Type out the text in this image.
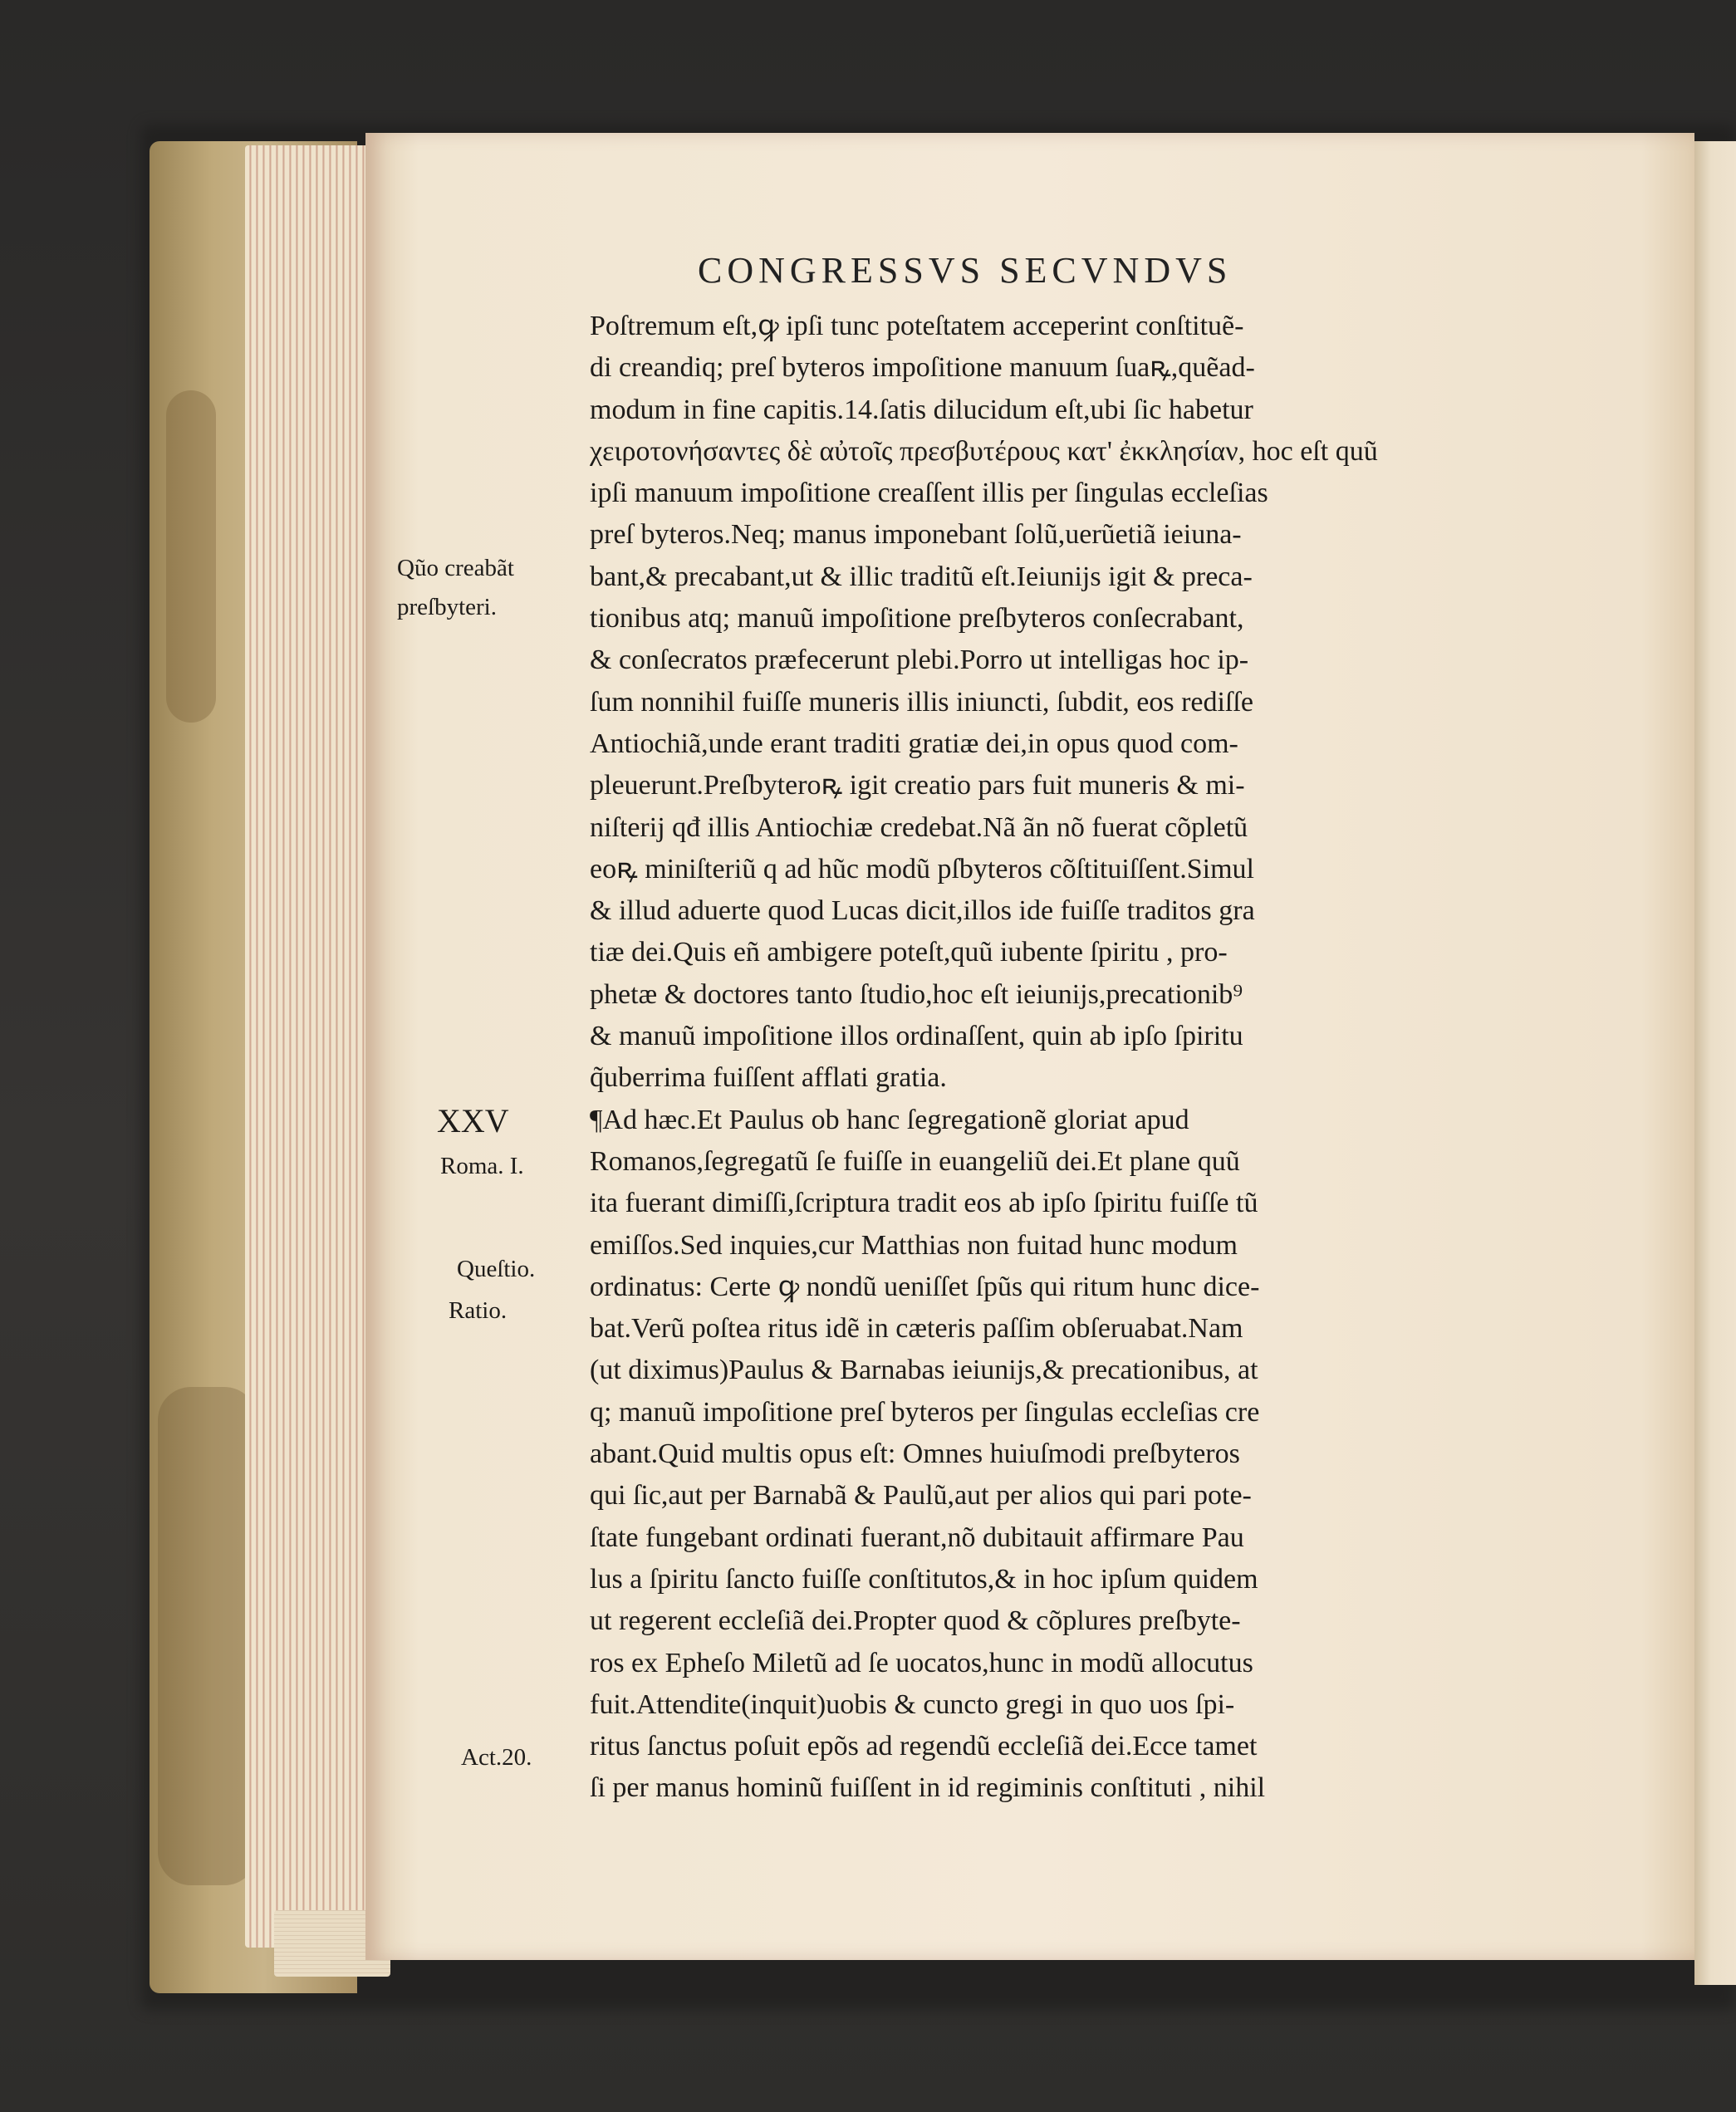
CONGRESSVS SECVNDVS
Poſtremum eſt,ꝙ ipſi tunc poteſtatem acceperint conſtituẽ-
di creandiq; preſ byteros impoſitione manuum ſuaꝶ,quẽad-
modum in fine capitis.14.ſatis dilucidum eſt,ubi ſic habetur
χειροτονήσαντες δὲ αὐτοῖς πρεσβυτέρους κατ' ἐκκλησίαν, hoc eſt quũ
ipſi manuum impoſitione creaſſent illis per ſingulas eccleſias
preſ byteros.Neq; manus imponebant ſolũ,uerũetiã ieiuna-
bant,& precabant,ut & illic traditũ eſt.Ieiunijs igit & preca-
tionibus atq; manuũ impoſitione preſbyteros conſecrabant,
& conſecratos præfecerunt plebi.Porro ut intelligas hoc ip-
ſum nonnihil fuiſſe muneris illis iniuncti, ſubdit, eos rediſſe
Antiochiã,unde erant traditi gratiæ dei,in opus quod com-
pleuerunt.Preſbyteroꝶ igit creatio pars fuit muneris & mi-
niſterij qđ illis Antiochiæ credebat.Nã ãn nõ fuerat cõpletũ
eoꝶ miniſteriũ q ad hũc modũ pſbyteros cõſtituiſſent.Simul
& illud aduerte quod Lucas dicit,illos ide fuiſſe traditos gra
tiæ dei.Quis eñ ambigere poteſt,quũ iubente ſpiritu , pro-
phetæ & doctores tanto ſtudio,hoc eſt ieiunijs,precationib⁹
& manuũ impoſitione illos ordinaſſent, quin ab ipſo ſpiritu
q̃uberrima fuiſſent afflati gratia.
¶Ad hæc.Et Paulus ob hanc ſegregationẽ gloriat apud
Romanos,ſegregatũ ſe fuiſſe in euangeliũ dei.Et plane quũ
ita fuerant dimiſſi,ſcriptura tradit eos ab ipſo ſpiritu fuiſſe tũ
emiſſos.Sed inquies,cur Matthias non fuitad hunc modum
ordinatus: Certe ꝙ nondũ ueniſſet ſpũs qui ritum hunc dice-
bat.Verũ poſtea ritus idẽ in cæteris paſſim obſeruabat.Nam
(ut diximus)Paulus & Barnabas ieiunijs,& precationibus, at
q; manuũ impoſitione preſ byteros per ſingulas eccleſias cre
abant.Quid multis opus eſt: Omnes huiuſmodi preſbyteros
qui ſic,aut per Barnabã & Paulũ,aut per alios qui pari pote-
ſtate fungebant ordinati fuerant,nõ dubitauit affirmare Pau
lus a ſpiritu ſancto fuiſſe conſtitutos,& in hoc ipſum quidem
ut regerent eccleſiã dei.Propter quod & cõplures preſbyte-
ros ex Epheſo Miletũ ad ſe uocatos,hunc in modũ allocutus
fuit.Attendite(inquit)uobis & cuncto gregi in quo uos ſpi-
ritus ſanctus poſuit epõs ad regendũ eccleſiã dei.Ecce tamet
ſi per manus hominũ fuiſſent in id regiminis conſtituti , nihil
Qũo creabãt
preſbyteri.
XXV
Roma. I.
Queſtio.
Ratio.
Act.20.
